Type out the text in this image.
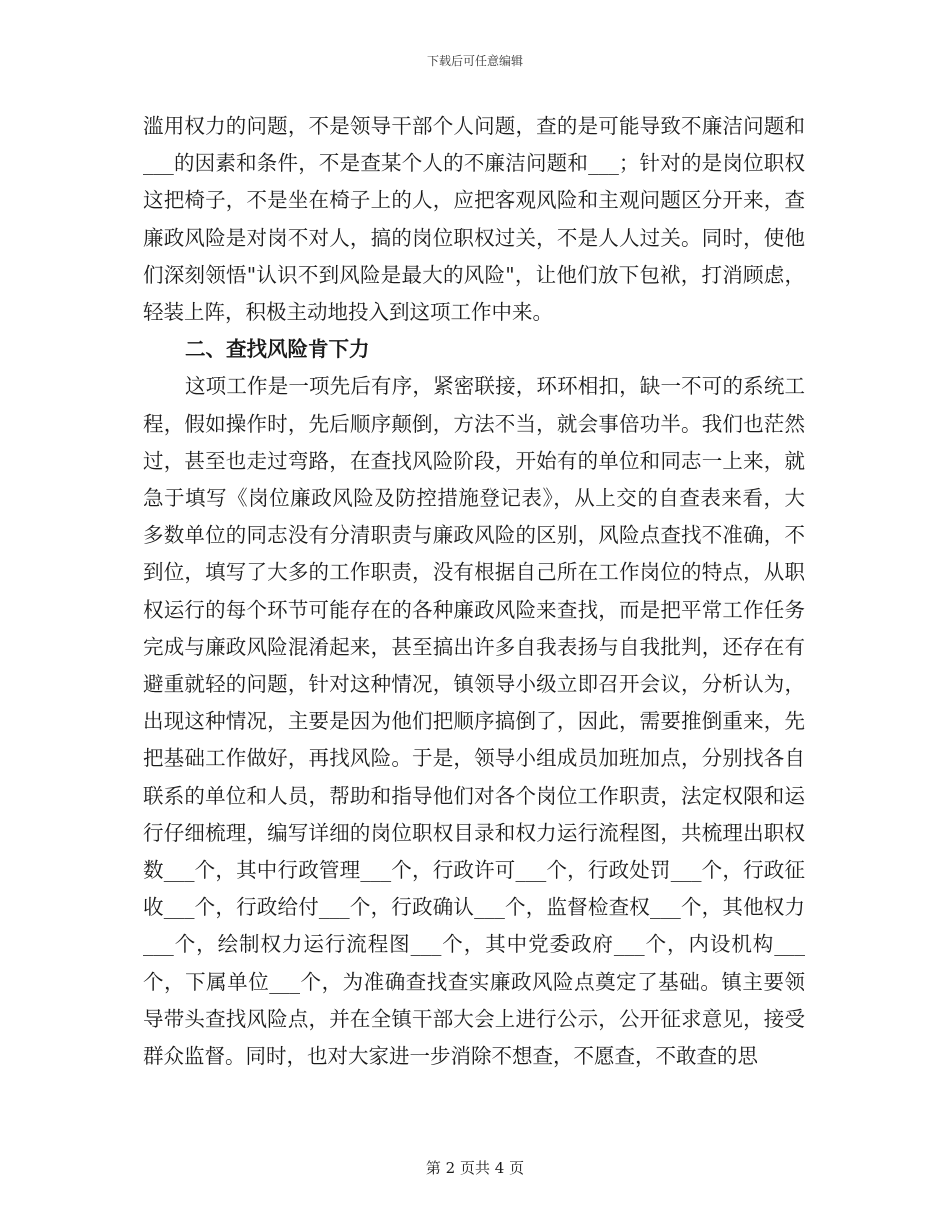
下载后可任意编辑

滥用权力的问题，不是领导干部个人问题，查的是可能导致不廉洁问题和___的因素和条件，不是查某个人的不廉洁问题和___；针对的是岗位职权这把椅子，不是坐在椅子上的人，应把客观风险和主观问题区分开来，查廉政风险是对岗不对人，搞的岗位职权过关，不是人人过关。同时，使他们深刻领悟"认识不到风险是最大的风险"，让他们放下包袱，打消顾虑，轻装上阵，积极主动地投入到这项工作中来。

二、查找风险肯下力

这项工作是一项先后有序，紧密联接，环环相扣，缺一不可的系统工程，假如操作时，先后顺序颠倒，方法不当，就会事倍功半。我们也茫然过，甚至也走过弯路，在查找风险阶段，开始有的单位和同志一上来，就急于填写《岗位廉政风险及防控措施登记表》，从上交的自查表来看，大多数单位的同志没有分清职责与廉政风险的区别，风险点查找不准确，不到位，填写了大多的工作职责，没有根据自己所在工作岗位的特点，从职权运行的每个环节可能存在的各种廉政风险来查找，而是把平常工作任务完成与廉政风险混淆起来，甚至搞出许多自我表扬与自我批判，还存在有避重就轻的问题，针对这种情况，镇领导小级立即召开会议，分析认为，出现这种情况，主要是因为他们把顺序搞倒了，因此，需要推倒重来，先把基础工作做好，再找风险。于是，领导小组成员加班加点，分别找各自联系的单位和人员，帮助和指导他们对各个岗位工作职责，法定权限和运行仔细梳理，编写详细的岗位职权目录和权力运行流程图，共梳理出职权数___个，其中行政管理___个，行政许可___个，行政处罚___个，行政征收___个，行政给付___个，行政确认___个，监督检查权___个，其他权力___个，绘制权力运行流程图___个，其中党委政府___个，内设机构___个，下属单位___个，为准确查找查实廉政风险点奠定了基础。镇主要领导带头查找风险点，并在全镇干部大会上进行公示，公开征求意见，接受群众监督。同时，也对大家进一步消除不想查，不愿查，不敢查的思

第 2 页共 4 页
